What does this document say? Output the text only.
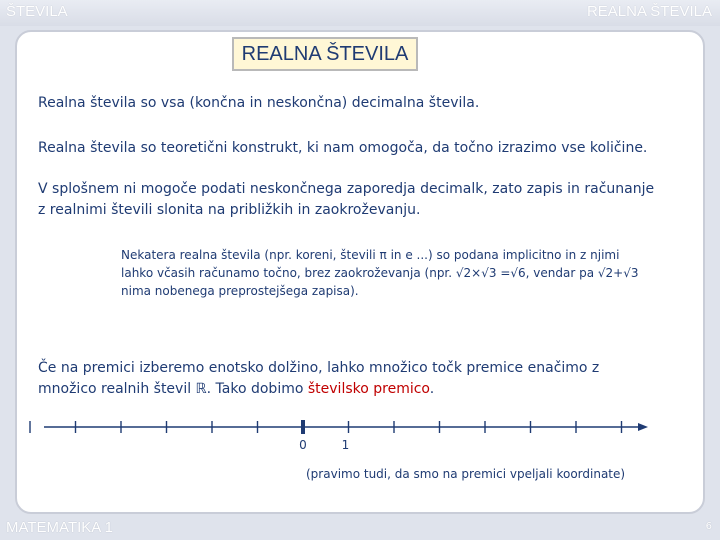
ŠTEVILA	REALNA ŠTEVILA
REALNA ŠTEVILA
Realna števila so vsa (končna in neskončna) decimalna števila.
Realna števila so teoretični konstrukt, ki nam omogoča, da točno izrazimo vse količine.
V splošnem ni mogoče podati neskončnega zaporedja decimalk, zato zapis in računanje
z realnimi števili slonita na približkih in zaokroževanju.
Nekatera realna števila (npr. koreni, števili π in e ...) so podana implicitno in z njimi
lahko včasih računamo točno, brez zaokroževanja (npr. √2×√3 =√6, vendar pa √2+√3
nima nobenega preprostejšega zapisa).
Če na premici izberemo enotsko dolžino, lahko množico točk premice enačimo z
množico realnih števil ℝ. Tako dobimo številsko premico.
0	1
(pravimo tudi, da smo na premici vpeljali koordinate)
MATEMATIKA 1	6
